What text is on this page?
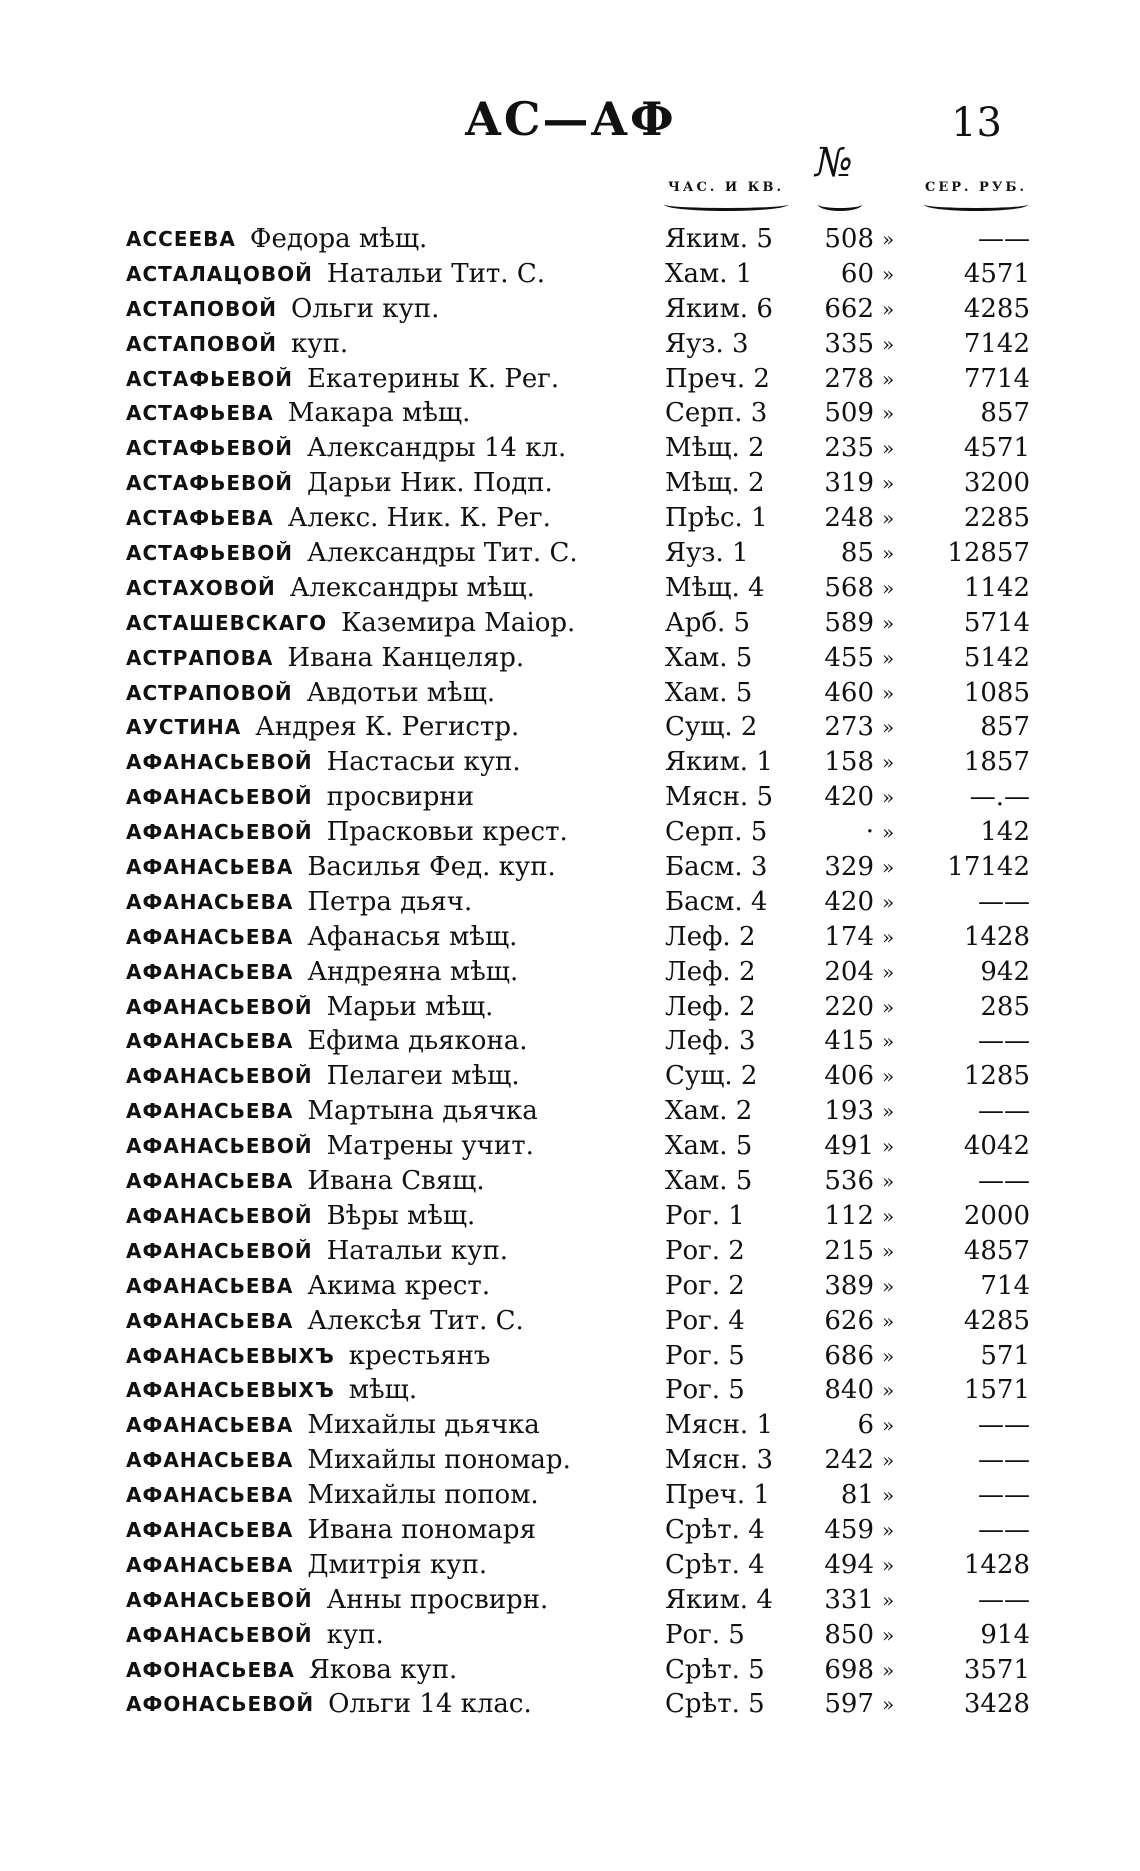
АС—АФ	13
ЧАС. И КВ.
№
СЕР. РУБ.
АССЕЕВА Федора мѣщ.	Яким. 5	508 »	——
АСТАЛАЦОВОЙ Натальи Тит. С.	Хам. 1	60 »	4571
АСТАПОВОЙ Ольги куп.	Яким. 6	662 »	4285
АСТАПОВОЙ куп.	Яуз. 3	335 »	7142
АСТАФЬЕВОЙ Екатерины К. Рег.	Преч. 2	278 »	7714
АСТАФЬЕВА Макара мѣщ.	Серп. 3	509 »	857
АСТАФЬЕВОЙ Александры 14 кл.	Мѣщ. 2	235 »	4571
АСТАФЬЕВОЙ Дарьи Ник. Подп.	Мѣщ. 2	319 »	3200
АСТАФЬЕВА Алекс. Ник. К. Рег.	Прѣс. 1	248 »	2285
АСТАФЬЕВОЙ Александры Тит. С.	Яуз. 1	85 »	12857
АСТАХОВОЙ Александры мѣщ.	Мѣщ. 4	568 »	1142
АСТАШЕВСКАГО Каземира Маiор.	Арб. 5	589 »	5714
АСТРАПОВА Ивана Канцеляр.	Хам. 5	455 »	5142
АСТРАПОВОЙ Авдотьи мѣщ.	Хам. 5	460 »	1085
АУСТИНА Андрея К. Регистр.	Сущ. 2	273 »	857
АФАНАСЬЕВОЙ Настасьи куп.	Яким. 1	158 »	1857
АФАНАСЬЕВОЙ просвирни	Мясн. 5	420 »	—.—
АФАНАСЬЕВОЙ Прасковьи крест.	Серп. 5	· »	142
АФАНАСЬЕВА Василья Фед. куп.	Басм. 3	329 »	17142
АФАНАСЬЕВА Петра дьяч.	Басм. 4	420 »	——
АФАНАСЬЕВА Афанасья мѣщ.	Леф. 2	174 »	1428
АФАНАСЬЕВА Андреяна мѣщ.	Леф. 2	204 »	942
АФАНАСЬЕВОЙ Марьи мѣщ.	Леф. 2	220 »	285
АФАНАСЬЕВА Ефима дьякона.	Леф. 3	415 »	——
АФАНАСЬЕВОЙ Пелагеи мѣщ.	Сущ. 2	406 »	1285
АФАНАСЬЕВА Мартына дьячка	Хам. 2	193 »	——
АФАНАСЬЕВОЙ Матрены учит.	Хам. 5	491 »	4042
АФАНАСЬЕВА Ивана Свящ.	Хам. 5	536 »	——
АФАНАСЬЕВОЙ Вѣры мѣщ.	Рог. 1	112 »	2000
АФАНАСЬЕВОЙ Натальи куп.	Рог. 2	215 »	4857
АФАНАСЬЕВА Акима крест.	Рог. 2	389 »	714
АФАНАСЬЕВА Алексѣя Тит. С.	Рог. 4	626 »	4285
АФАНАСЬЕВЫХЪ крестьянъ	Рог. 5	686 »	571
АФАНАСЬЕВЫХЪ мѣщ.	Рог. 5	840 »	1571
АФАНАСЬЕВА Михайлы дьячка	Мясн. 1	6 »	——
АФАНАСЬЕВА Михайлы пономар.	Мясн. 3	242 »	——
АФАНАСЬЕВА Михайлы попом.	Преч. 1	81 »	——
АФАНАСЬЕВА Ивана пономаря	Срѣт. 4	459 »	——
АФАНАСЬЕВА Дмитрiя куп.	Срѣт. 4	494 »	1428
АФАНАСЬЕВОЙ Анны просвирн.	Яким. 4	331 »	——
АФАНАСЬЕВОЙ куп.	Рог. 5	850 »	914
АФОНАСЬЕВА Якова куп.	Срѣт. 5	698 »	3571
АФОНАСЬЕВОЙ Ольги 14 клас.	Срѣт. 5	597 »	3428
